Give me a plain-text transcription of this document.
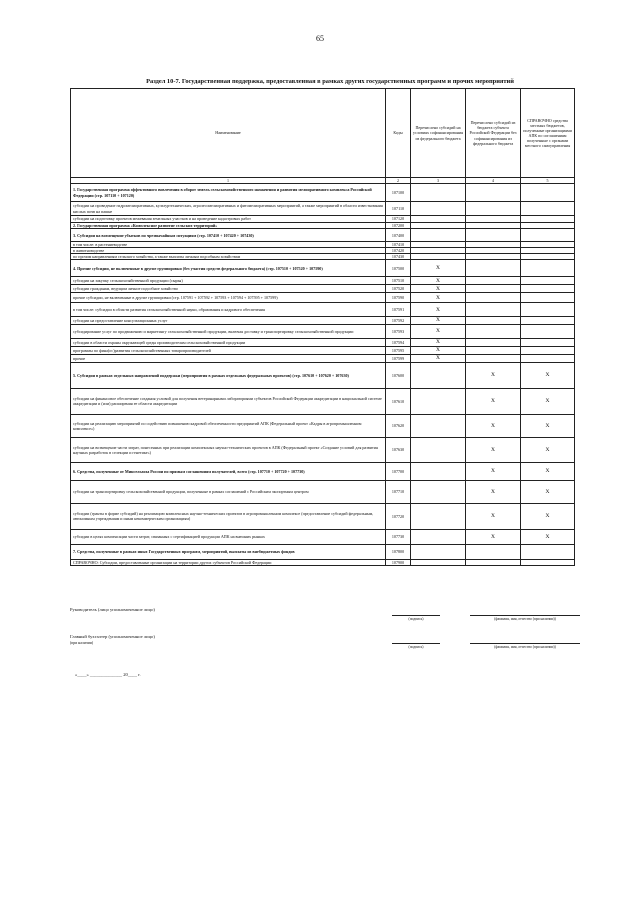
65
Раздел 10-7. Государственная поддержка, предоставленная в рамках других государственных программ и прочих мероприятий
Наименование	Коды	Перечислено субсидий на условиях софинансирования из федерального бюджета	Перечислено субсидий из бюджета субъекта Российской Федерации без софинансирования из федерального бюджета	СПРАВОЧНО средства местных бюджетов, полученные организациями АПК по соглашениям полученные с органами местного самоуправления
1	2	3	4	5
1. Государственная программа эффективного вовлечения в оборот земель сельскохозяйственного назначения и развития мелиоративного комплекса Российской Федерации (стр. 107110 + 107120)	107100			
субсидии на проведение гидромелиоративных, культуртехнических, агролесомелиоративных и фитомелиоративных мероприятий, а также мероприятий в области известкования кислых почв на пашне	107110			
субсидии на подготовку проектов межевания земельных участков и на проведение кадастровых работ	107120			
2. Государственная программа «Комплексное развитие сельских территорий»	107200			
3. Субсидии на возмещение убытков по чрезвычайным ситуациям (стр. 107410 + 107420 + 107430)	107400			
в том числе: в растениеводстве	107410			
в животноводстве	107420			
по прочим направлениям сельского хозяйства, а также выплаты личным подсобным хозяйствам	107430			
4. Прочие субсидии, не включенные в другие группировки (без участия средств федерального бюджета) (стр. 107510 + 107520 + 107590)	107500	X		
субсидии на закупку сельскохозяйственной продукции (сырья)	107510	X		
субсидии гражданам, ведущим личное подсобное хозяйство	107520	X		
прочие субсидии, не включенные в другие группировки (стр. 107591 + 107592 + 107593 + 107594 + 107595 + 107599)	107590	X		
в том числе: субсидии в области развития сельскохозяйственной науки, образования и кадрового обеспечения	107591	X		
субсидии на предоставление консультационных услуг	107592	X		
субсидирование услуг по продвижению и маркетингу сельскохозяйственной продукции, включая доставку и транспортировку сельскохозяйственной продукции	107593	X		
субсидии в области охраны окружающей среды производителям сельскохозяйственной продукции	107594	X		
программы по фина(ос)развития сельскохозяйственных товаропроизводителей	107595	X		
прочие	107599	X		
5. Субсидии в рамках отдельных направлений поддержки (мероприятия в рамках отдельных федеральных проектов) (стр. 107610 + 107620 + 107630)	107600		X	X
субсидии на финансовое обеспечение создания условий для получения ветеринарными лабораториями субъектов Российской Федерации аккредитации в национальной системе аккредитации и (или) расширения ее области аккредитации	107610		X	X
субсидии на реализацию мероприятий по содействию повышению кадровой обеспеченности предприятий АПК (Федеральный проект «Кадры в агропромышленном комплексе»)	107620		X	X
субсидии на возмещение части затрат, понесенных при реализации комплексных научно-технических проектов в АПК (Федеральный проект «Создание условий для развития научных разработок в селекции и генетике»)	107630		X	X
6. Средства, полученные от Минсельхоза России по прямым соглашениям получателей, всего (стр. 107710 + 107720 + 107730)	107700		X	X
субсидии на транспортировку сельскохозяйственной продукции, полученные в рамках соглашений с Российским экспортным центром	107710		X	X
субсидии (гранты в форме субсидий) на реализацию комплексных научно-технических проектов в агропромышленном комплексе (предоставление субсидий федеральным, автономным учреждениям и иным некоммерческим организациям)	107720		X	X
субсидии в целях компенсации части затрат, связанных с сертификацией продукции АПК на внешних рынках	107730		X	X
7. Средства, полученные в рамках иных Государственных программ, мероприятий, выплаты из внебюджетных фондов	107800			
СПРАВОЧНО: Субсидии, предоставленные организации на территории других субъектов Российской Федерации	107900			
Руководитель (лицо уполномоченное лицо)
(подпись)	(фамилия, имя, отчество (при наличии))
Главный бухгалтер (уполномоченное лицо)
(при наличии)
(подпись)	(фамилия, имя, отчество (при наличии))
«____» ______________ 20____ г.
